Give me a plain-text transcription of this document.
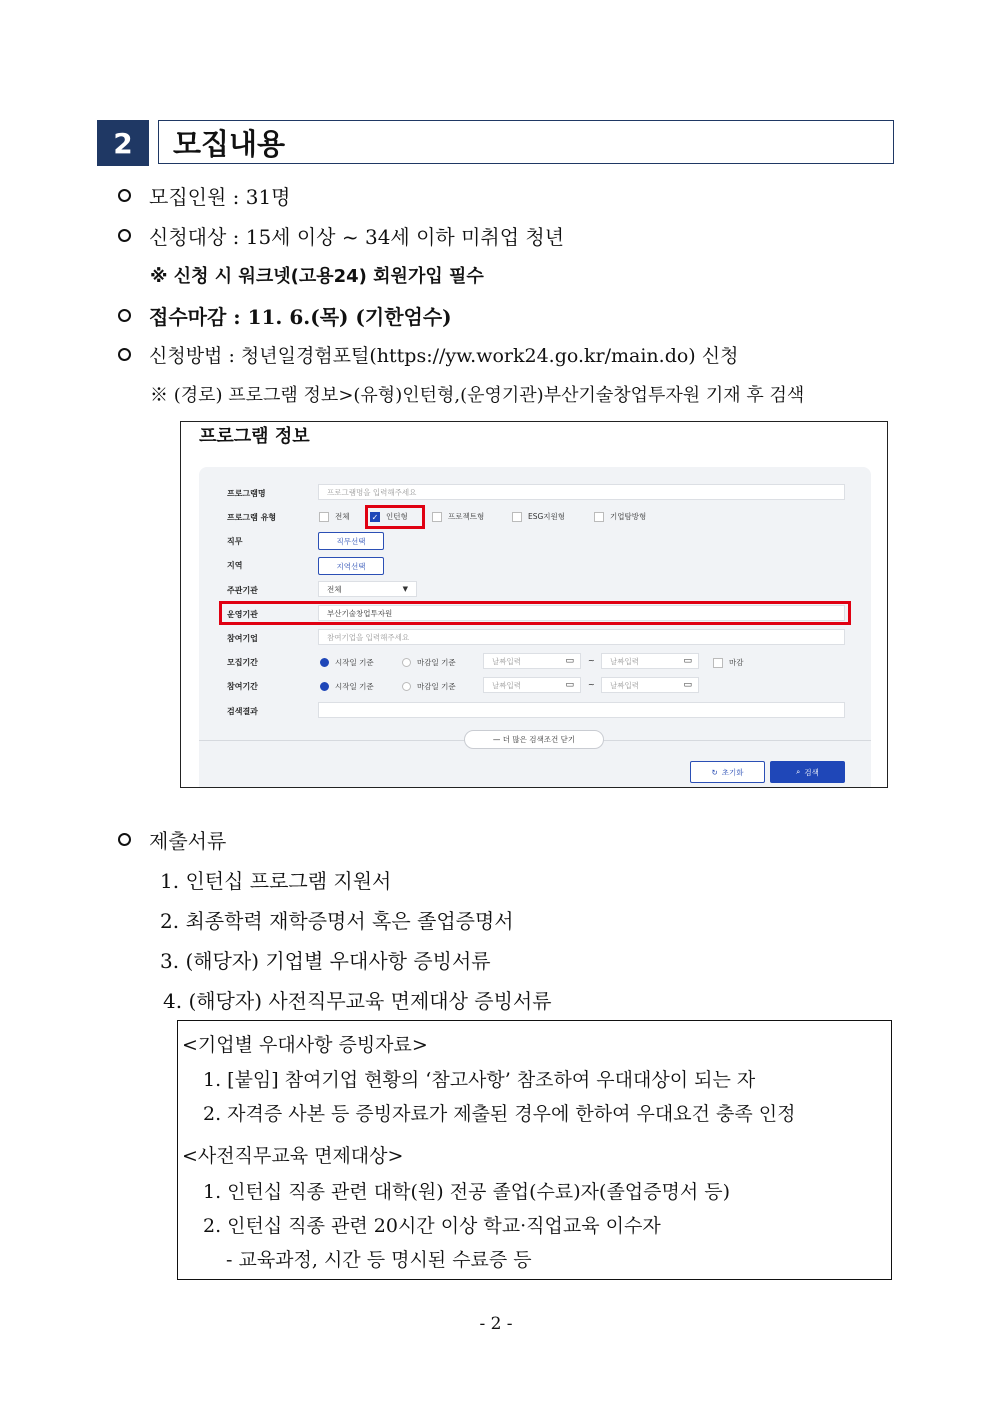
2	모집내용
모집인원 : 31명
신청대상 : 15세 이상 ~ 34세 이하 미취업 청년
※ 신청 시 워크넷(고용24) 회원가입 필수
접수마감 : 11. 6.(목) (기한엄수)
신청방법 : 청년일경험포털(https://yw.work24.go.kr/main.do) 신청
※ (경로) 프로그램 정보>(유형)인턴형,(운영기관)부산기술창업투자원 기재 후 검색
프로그램 정보
프로그램명	프로그램명을 입력해주세요
프로그램 유형	전체	✓ 인턴형	프로젝트형	ESG지원형	기업탐방형
직무	직무선택
지역	지역선택
주관기관	전체	▼
운영기관	부산기술창업투자원
참여기업	참여기업을 입력해주세요
모집기간	시작일 기준	마감일 기준	날짜입력	▭ ~ 날짜입력	▭	마감
참여기간	시작일 기준	마감일 기준	날짜입력	▭ ~ 날짜입력	▭
검색결과
— 더 많은 검색조건 닫기
↻ 초기화	⌕ 검색
제출서류
1. 인턴십 프로그램 지원서
2. 최종학력 재학증명서 혹은 졸업증명서
3. (해당자) 기업별 우대사항 증빙서류
4. (해당자) 사전직무교육 면제대상 증빙서류
<기업별 우대사항 증빙자료>
1. [붙임] 참여기업 현황의 ‘참고사항’ 참조하여 우대대상이 되는 자
2. 자격증 사본 등 증빙자료가 제출된 경우에 한하여 우대요건 충족 인정
<사전직무교육 면제대상>
1. 인턴십 직종 관련 대학(원) 전공 졸업(수료)자(졸업증명서 등)
2. 인턴십 직종 관련 20시간 이상 학교·직업교육 이수자
- 교육과정, 시간 등 명시된 수료증 등
- 2 -
